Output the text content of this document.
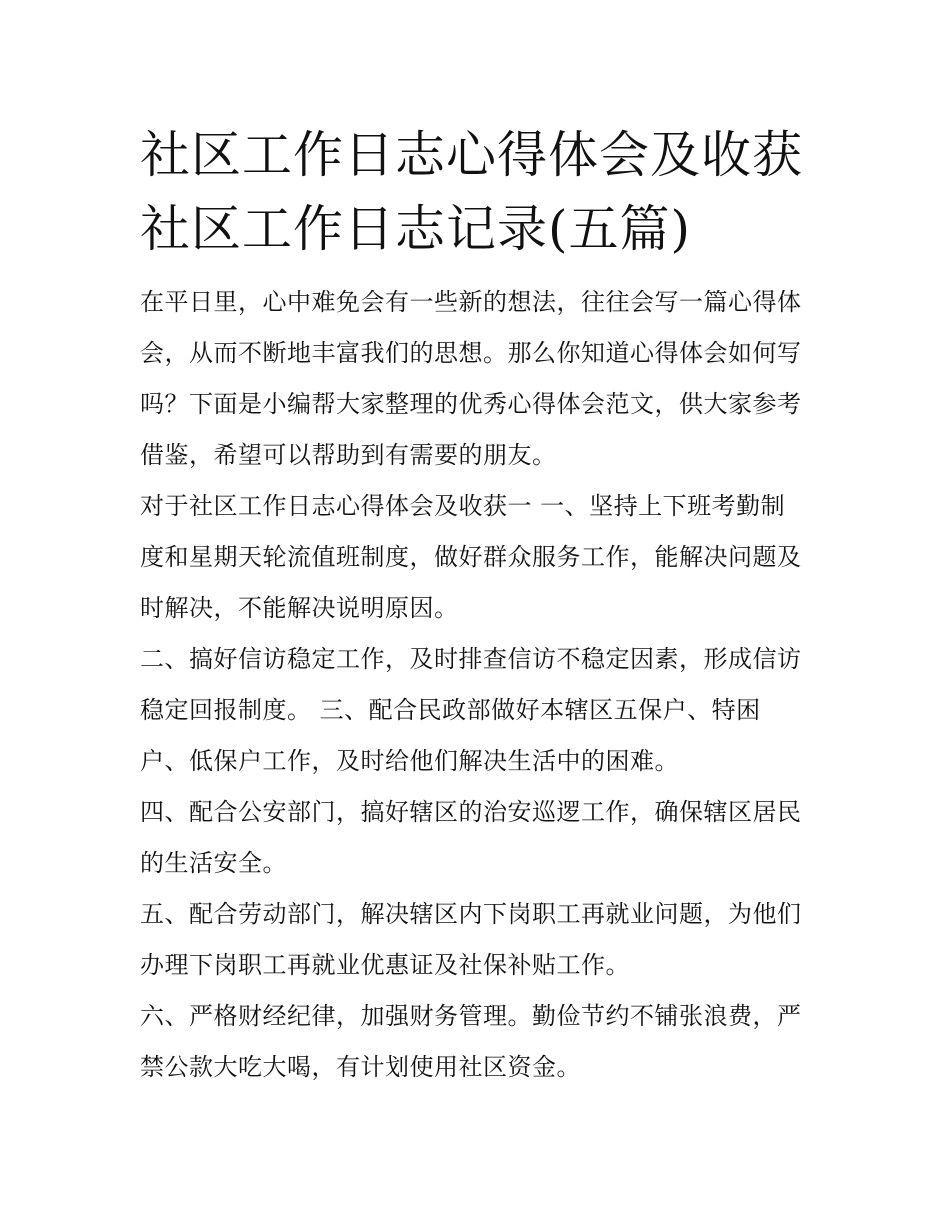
社区工作日志心得体会及收获
社区工作日志记录(五篇)
在平日里，心中难免会有一些新的想法，往往会写一篇心得体
会，从而不断地丰富我们的思想。那么你知道心得体会如何写
吗？下面是小编帮大家整理的优秀心得体会范文，供大家参考
借鉴，希望可以帮助到有需要的朋友。
对于社区工作日志心得体会及收获一 一、坚持上下班考勤制
度和星期天轮流值班制度，做好群众服务工作，能解决问题及
时解决，不能解决说明原因。
二、搞好信访稳定工作，及时排查信访不稳定因素，形成信访
稳定回报制度。 三、配合民政部做好本辖区五保户、特困
户、低保户工作，及时给他们解决生活中的困难。
四、配合公安部门，搞好辖区的治安巡逻工作，确保辖区居民
的生活安全。
五、配合劳动部门，解决辖区内下岗职工再就业问题，为他们
办理下岗职工再就业优惠证及社保补贴工作。
六、严格财经纪律，加强财务管理。勤俭节约不铺张浪费，严
禁公款大吃大喝，有计划使用社区资金。
